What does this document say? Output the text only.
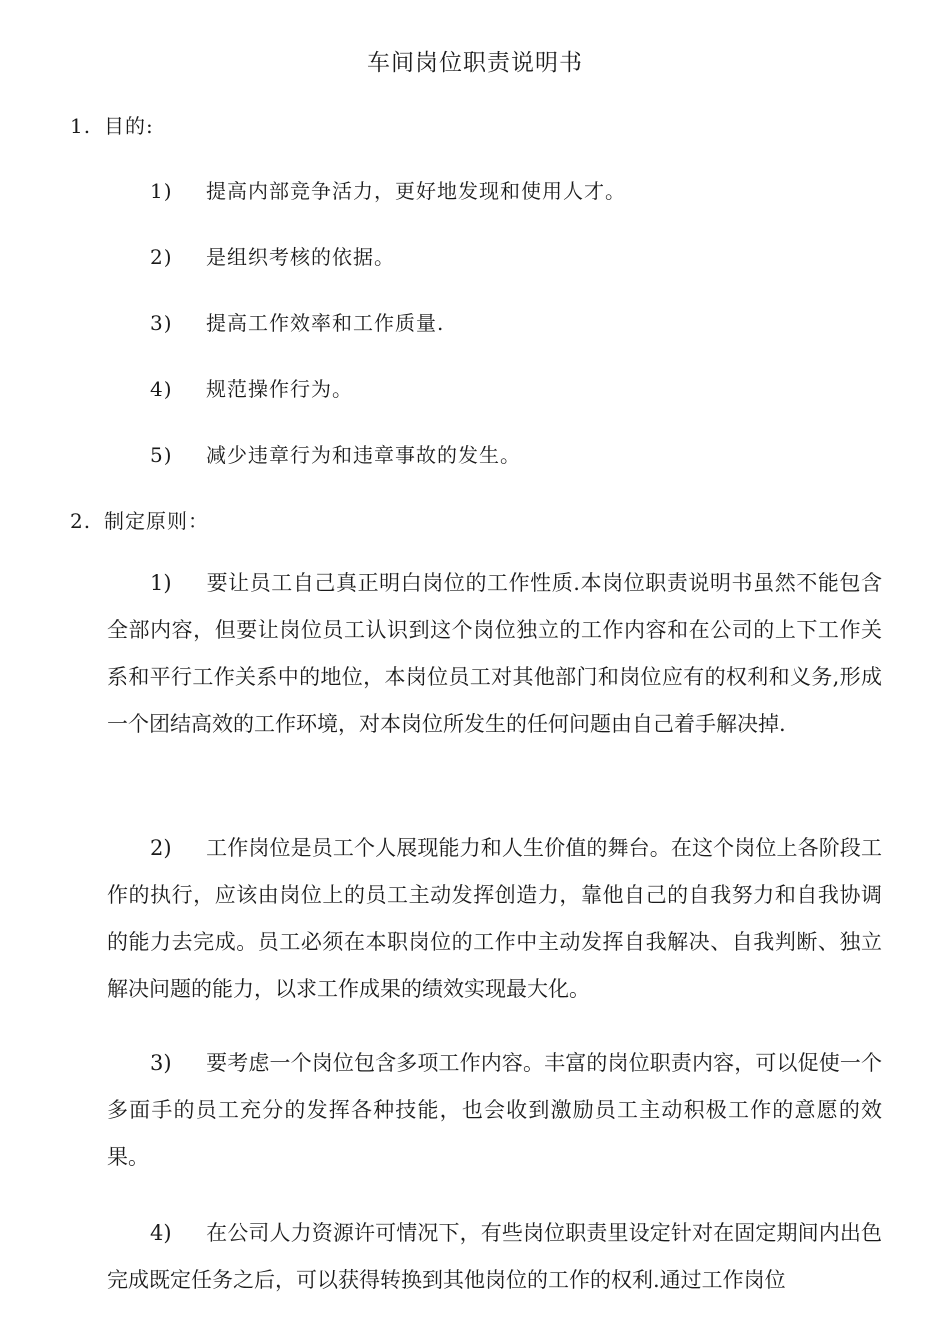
车间岗位职责说明书
1. 目的:
1) 提高内部竞争活力，更好地发现和使用人才。
2) 是组织考核的依据。
3) 提高工作效率和工作质量.
4) 规范操作行为。
5) 减少违章行为和违章事故的发生。
2. 制定原则：
1) 要让员工自己真正明白岗位的工作性质.本岗位职责说明书虽然不能包含全部内容，但要让岗位员工认识到这个岗位独立的工作内容和在公司的上下工作关系和平行工作关系中的地位，本岗位员工对其他部门和岗位应有的权利和义务,形成一个团结高效的工作环境，对本岗位所发生的任何问题由自己着手解决掉.
2) 工作岗位是员工个人展现能力和人生价值的舞台。在这个岗位上各阶段工作的执行，应该由岗位上的员工主动发挥创造力，靠他自己的自我努力和自我协调的能力去完成。员工必须在本职岗位的工作中主动发挥自我解决、自我判断、独立解决问题的能力，以求工作成果的绩效实现最大化。
3) 要考虑一个岗位包含多项工作内容。丰富的岗位职责内容，可以促使一个多面手的员工充分的发挥各种技能，也会收到激励员工主动积极工作的意愿的效果。
4) 在公司人力资源许可情况下，有些岗位职责里设定针对在固定期间内出色完成既定任务之后，可以获得转换到其他岗位的工作的权利.通过工作岗位
